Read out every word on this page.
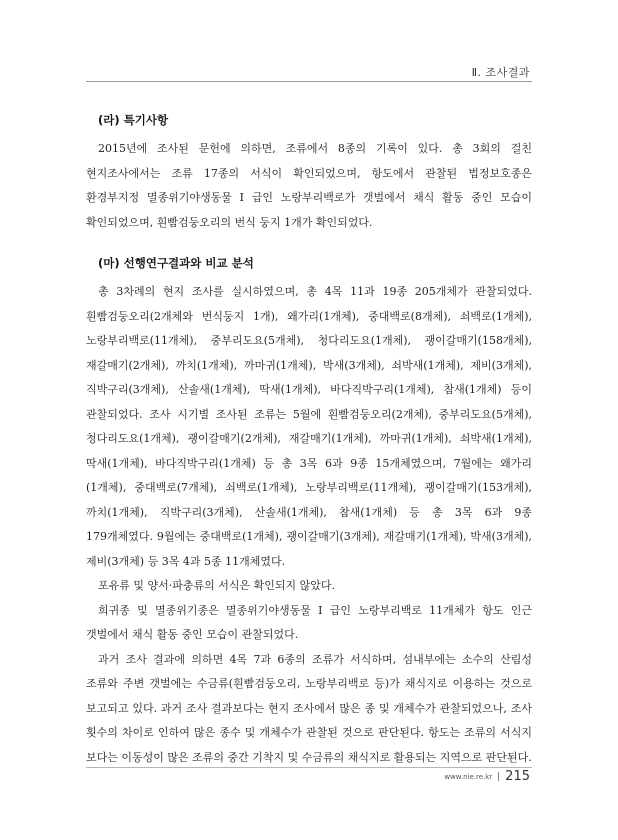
Ⅱ. 조사결과
(라) 특기사항

2015년에 조사된 문헌에 의하면, 조류에서 8종의 기록이 있다. 총 3회의 걸친 현지조사에서는 조류 17종의 서식이 확인되었으며, 항도에서 관찰된 법정보호종은 환경부지정 멸종위기야생동물 I 급인 노랑부리백로가 갯벌에서 채식 활동 중인 모습이 확인되었으며, 흰빰검둥오리의 번식 둥지 1개가 확인되었다.

(마) 선행연구결과와 비교 분석

총 3차례의 현지 조사를 실시하였으며, 총 4목 11과 19종 205개체가 관찰되었다. 흰빰검둥오리(2개체와 번식둥지 1개), 왜가리(1개체), 중대백로(8개체), 쇠백로(1개체), 노랑부리백로(11개체), 중부리도요(5개체), 청다리도요(1개체), 괭이갈매기(158개체), 재갈매기(2개체), 까치(1개체), 까마귀(1개체), 박새(3개체), 쇠박새(1개체), 제비(3개체), 직박구리(3개체), 산솔새(1개체), 딱새(1개체), 바다직박구리(1개체), 참새(1개체) 등이 관찰되었다. 조사 시기별 조사된 조류는 5월에 흰빰검둥오리(2개체), 중부리도요(5개체), 청다리도요(1개체), 괭이갈매기(2개체), 재갈매기(1개체), 까마귀(1개체), 쇠박새(1개체), 딱새(1개체), 바다직박구리(1개체) 등 총 3목 6과 9종 15개체였으며, 7월에는 왜가리(1개체), 중대백로(7개체), 쇠백로(1개체), 노랑부리백로(11개체), 괭이갈매기(153개체), 까치(1개체), 직박구리(3개체), 산솔새(1개체), 참새(1개체) 등 총 3목 6과 9종 179개체였다. 9월에는 중대백로(1개체), 괭이갈매기(3개체), 재갈매기(1개체), 박새(3개체), 제비(3개체) 등 3목 4과 5종 11개체였다.

포유류 및 양서·파충류의 서식은 확인되지 않았다.

희귀종 및 멸종위기종은 멸종위기야생동물 I 급인 노랑부리백로 11개체가 항도 인근 갯벌에서 채식 활동 중인 모습이 관찰되었다.

과거 조사 결과에 의하면 4목 7과 6종의 조류가 서식하며, 섬내부에는 소수의 산림성 조류와 주변 갯벌에는 수금류(흰빰검둥오리, 노랑부리백로 등)가 채식지로 이용하는 것으로 보고되고 있다. 과거 조사 결과보다는 현지 조사에서 많은 종 및 개체수가 관찰되었으나, 조사 횟수의 차이로 인하여 많은 종수 및 개체수가 관찰된 것으로 판단된다. 항도는 조류의 서식지 보다는 이동성이 많은 조류의 중간 기착지 및 수금류의 채식지로 활용되는 지역으로 판단된다.

www.nie.re.kr 215
